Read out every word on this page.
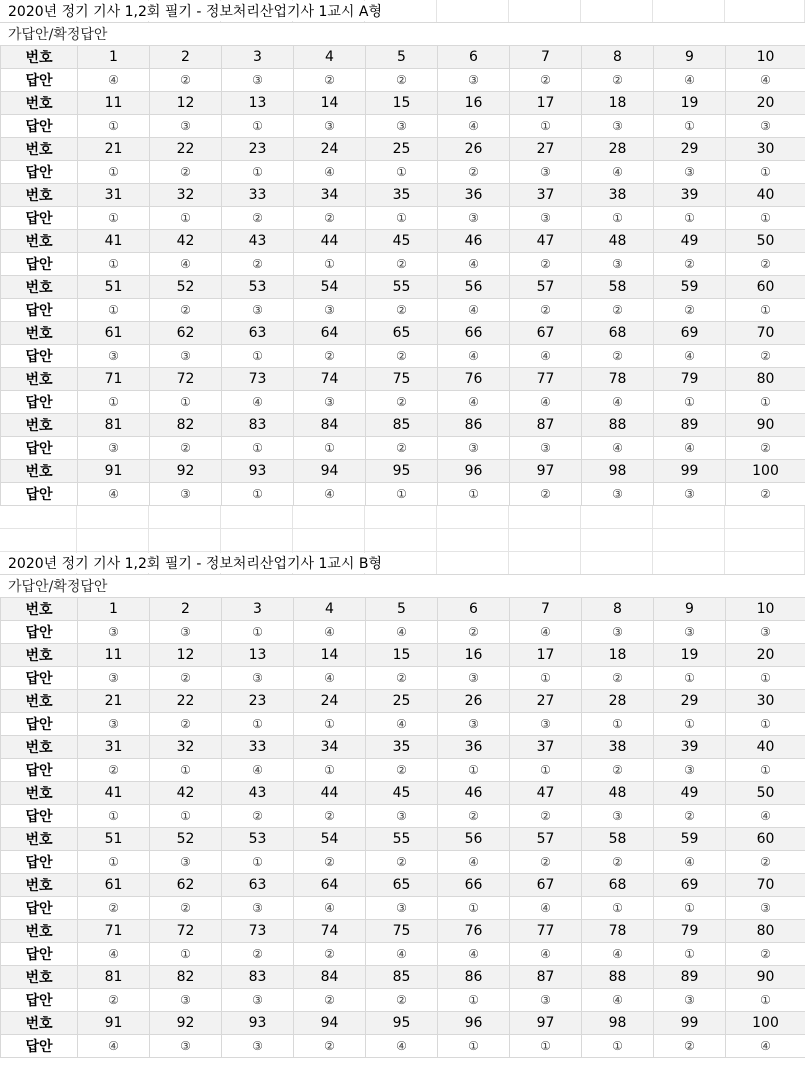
2020년 정기 기사 1,2회 필기 - 정보처리산업기사 1교시 A형
가답안/확정답안
번호	1	2	3	4	5	6	7	8	9	10
답안	④	②	③	②	②	③	②	②	④	④
번호	11	12	13	14	15	16	17	18	19	20
답안	①	③	①	③	③	④	①	③	①	③
번호	21	22	23	24	25	26	27	28	29	30
답안	①	②	①	④	①	②	③	④	③	①
번호	31	32	33	34	35	36	37	38	39	40
답안	①	①	②	②	①	③	③	①	①	①
번호	41	42	43	44	45	46	47	48	49	50
답안	①	④	②	①	②	④	②	③	②	②
번호	51	52	53	54	55	56	57	58	59	60
답안	①	②	③	③	②	④	②	②	②	①
번호	61	62	63	64	65	66	67	68	69	70
답안	③	③	①	②	②	④	④	②	④	②
번호	71	72	73	74	75	76	77	78	79	80
답안	①	①	④	③	②	④	④	④	①	①
번호	81	82	83	84	85	86	87	88	89	90
답안	③	②	①	①	②	③	③	④	④	②
번호	91	92	93	94	95	96	97	98	99	100
답안	④	③	①	④	①	①	②	③	③	②
2020년 정기 기사 1,2회 필기 - 정보처리산업기사 1교시 B형
가답안/확정답안
번호	1	2	3	4	5	6	7	8	9	10
답안	③	③	①	④	④	②	④	③	③	③
번호	11	12	13	14	15	16	17	18	19	20
답안	③	②	③	④	②	③	①	②	①	①
번호	21	22	23	24	25	26	27	28	29	30
답안	③	②	①	①	④	③	③	①	①	①
번호	31	32	33	34	35	36	37	38	39	40
답안	②	①	④	①	②	①	①	②	③	①
번호	41	42	43	44	45	46	47	48	49	50
답안	①	①	②	②	③	②	②	③	②	④
번호	51	52	53	54	55	56	57	58	59	60
답안	①	③	①	②	②	④	②	②	④	②
번호	61	62	63	64	65	66	67	68	69	70
답안	②	②	③	④	③	①	④	①	①	③
번호	71	72	73	74	75	76	77	78	79	80
답안	④	①	②	②	④	④	④	④	①	②
번호	81	82	83	84	85	86	87	88	89	90
답안	②	③	③	②	②	①	③	④	③	①
번호	91	92	93	94	95	96	97	98	99	100
답안	④	③	③	②	④	①	①	①	②	④
